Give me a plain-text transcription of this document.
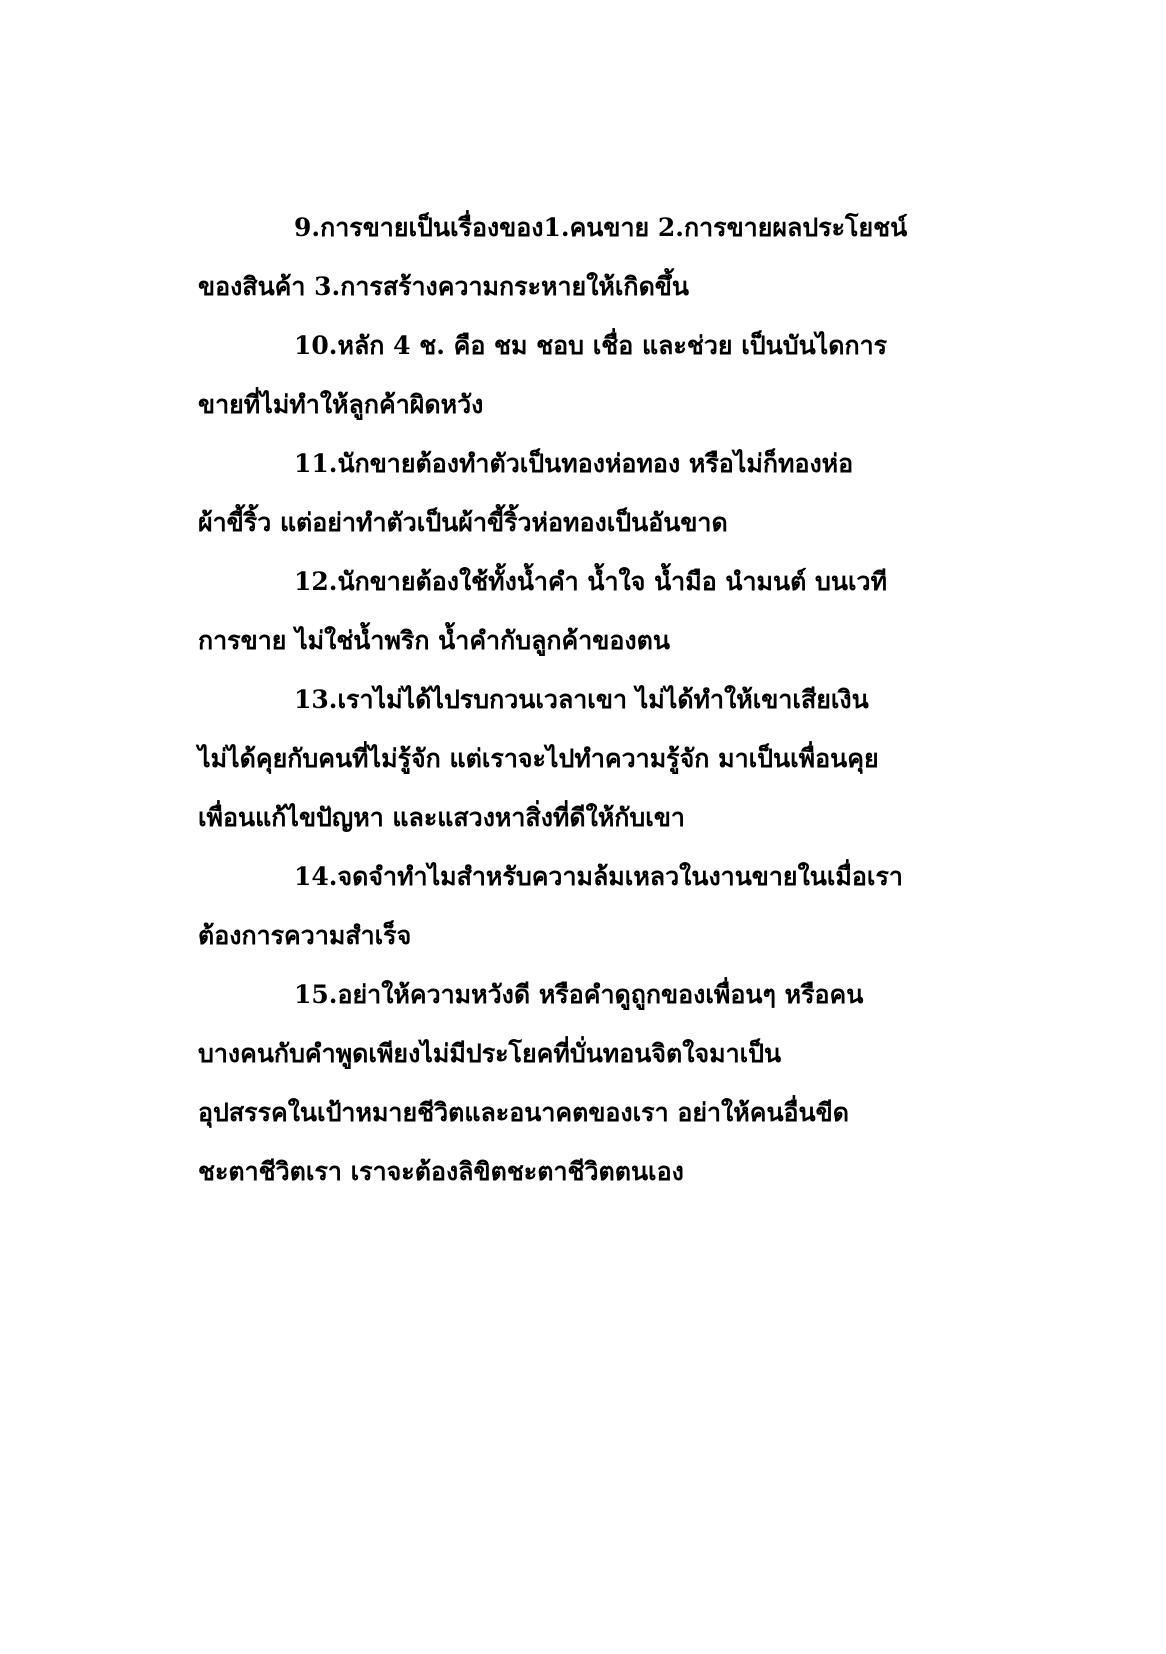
9.การขายเป็นเรื่องของ1.คนขาย 2.การขายผลประโยชน์
ของสินค้า 3.การสร้างความกระหายให้เกิดขึ้น
10.หลัก 4 ช. คือ ชม ชอบ เชื่อ และช่วย เป็นบันไดการ
ขายที่ไม่ทำให้ลูกค้าผิดหวัง
11.นักขายต้องทำตัวเป็นทองห่อทอง หรือไม่ก็ทองห่อ
ผ้าขี้ริ้ว แต่อย่าทำตัวเป็นผ้าขี้ริ้วห่อทองเป็นอันขาด
12.นักขายต้องใช้ทั้งน้ำคำ น้ำใจ น้ำมือ นำมนต์ บนเวที
การขาย ไม่ใช่น้ำพริก น้ำคำกับลูกค้าของตน
13.เราไม่ได้ไปรบกวนเวลาเขา ไม่ได้ทำให้เขาเสียเงิน
ไม่ได้คุยกับคนที่ไม่รู้จัก แต่เราจะไปทำความรู้จัก มาเป็นเพื่อนคุย
เพื่อนแก้ไขปัญหา และแสวงหาสิ่งที่ดีให้กับเขา
14.จดจำทำไมสำหรับความล้มเหลวในงานขายในเมื่อเรา
ต้องการความสำเร็จ
15.อย่าให้ความหวังดี หรือคำดูถูกของเพื่อนๆ หรือคน
บางคนกับคำพูดเพียงไม่มีประโยคที่บั่นทอนจิตใจมาเป็น
อุปสรรคในเป้าหมายชีวิตและอนาคตของเรา อย่าให้คนอื่นขีด
ชะตาชีวิตเรา เราจะต้องลิขิตชะตาชีวิตตนเอง
